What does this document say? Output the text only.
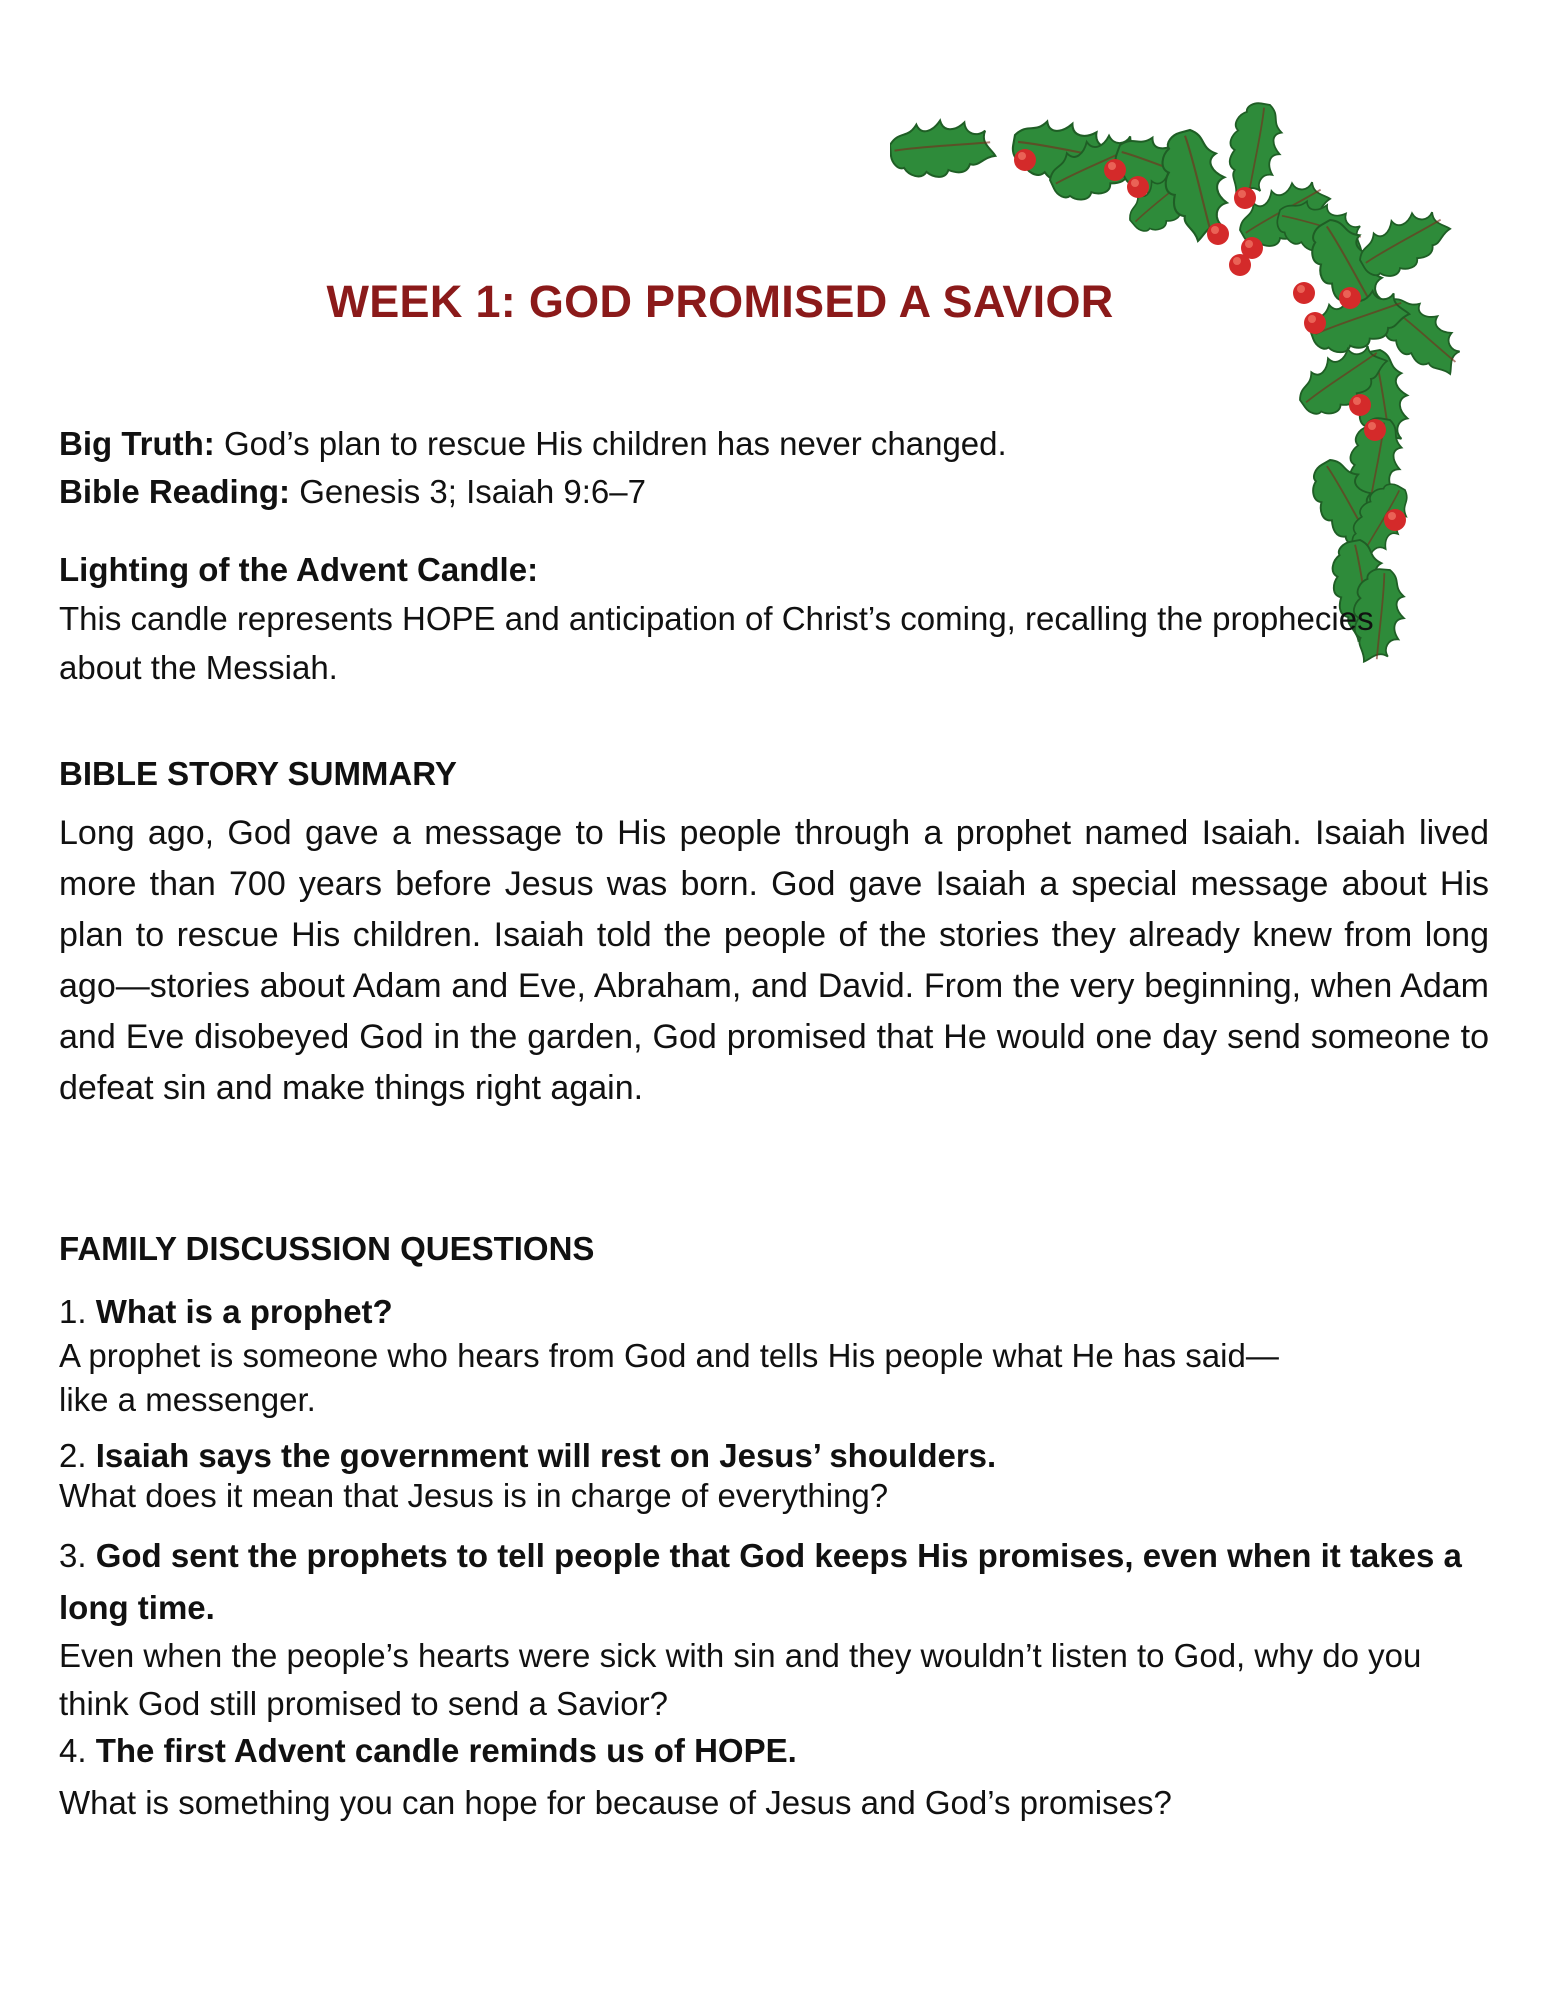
WEEK 1: GOD PROMISED A SAVIOR
Big Truth: God’s plan to rescue His children has never changed.
Bible Reading: Genesis 3; Isaiah 9:6–7
Lighting of the Advent Candle:
This candle represents HOPE and anticipation of Christ’s coming, recalling the prophecies about the Messiah.
BIBLE STORY SUMMARY
Long ago, God gave a message to His people through a prophet named Isaiah. Isaiah lived more than 700 years before Jesus was born. God gave Isaiah a special message about His plan to rescue His children. Isaiah told the people of the stories they already knew from long ago—stories about Adam and Eve, Abraham, and David. From the very beginning, when Adam and Eve disobeyed God in the garden, God promised that He would one day send someone to defeat sin and make things right again.
FAMILY DISCUSSION QUESTIONS
1. What is a prophet?
A prophet is someone who hears from God and tells His people what He has said—like a messenger.
2. Isaiah says the government will rest on Jesus’ shoulders.
What does it mean that Jesus is in charge of everything?
3. God sent the prophets to tell people that God keeps His promises, even when it takes a long time.
Even when the people’s hearts were sick with sin and they wouldn’t listen to God, why do you think God still promised to send a Savior?
4. The first Advent candle reminds us of HOPE.
What is something you can hope for because of Jesus and God’s promises?
